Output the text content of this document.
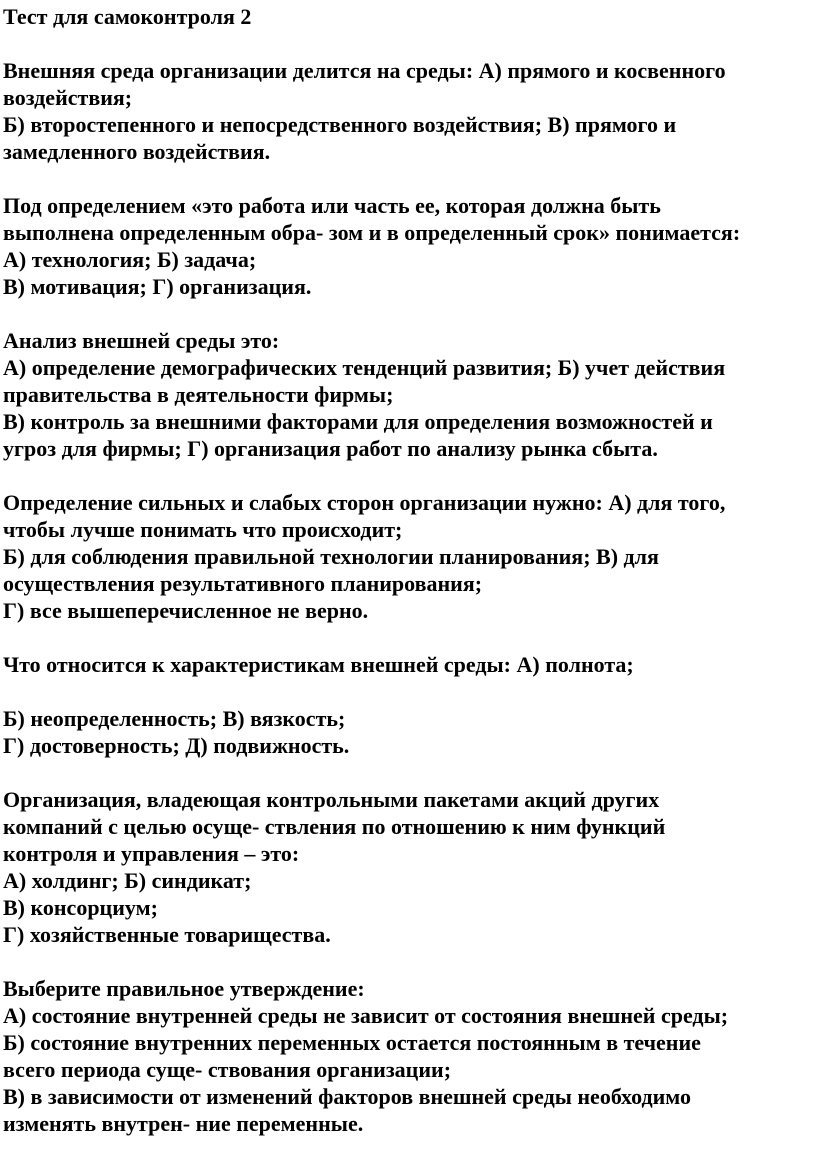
Тест для самоконтроля 2
Внешняя среда организации делится на среды: А) прямого и косвенного
воздействия;
Б) второстепенного и непосредственного воздействия; В) прямого и
замедленного воздействия.
Под определением «это работа или часть ее, которая должна быть
выполнена определенным обра- зом и в определенный срок» понимается:
А) технология; Б) задача;
В) мотивация; Г) организация.
Анализ внешней среды это:
А) определение демографических тенденций развития; Б) учет действия
правительства в деятельности фирмы;
В) контроль за внешними факторами для определения возможностей и
угроз для фирмы; Г) организация работ по анализу рынка сбыта.
Определение сильных и слабых сторон организации нужно: А) для того,
чтобы лучше понимать что происходит;
Б) для соблюдения правильной технологии планирования; В) для
осуществления результативного планирования;
Г) все вышеперечисленное не верно.
Что относится к характеристикам внешней среды: А) полнота;
Б) неопределенность; В) вязкость;
Г) достоверность; Д) подвижность.
Организация, владеющая контрольными пакетами акций других
компаний с целью осуще- ствления по отношению к ним функций
контроля и управления – это:
А) холдинг; Б) синдикат;
В) консорциум;
Г) хозяйственные товарищества.
Выберите правильное утверждение:
А) состояние внутренней среды не зависит от состояния внешней среды;
Б) состояние внутренних переменных остается постоянным в течение
всего периода суще- ствования организации;
В) в зависимости от изменений факторов внешней среды необходимо
изменять внутрен- ние переменные.
